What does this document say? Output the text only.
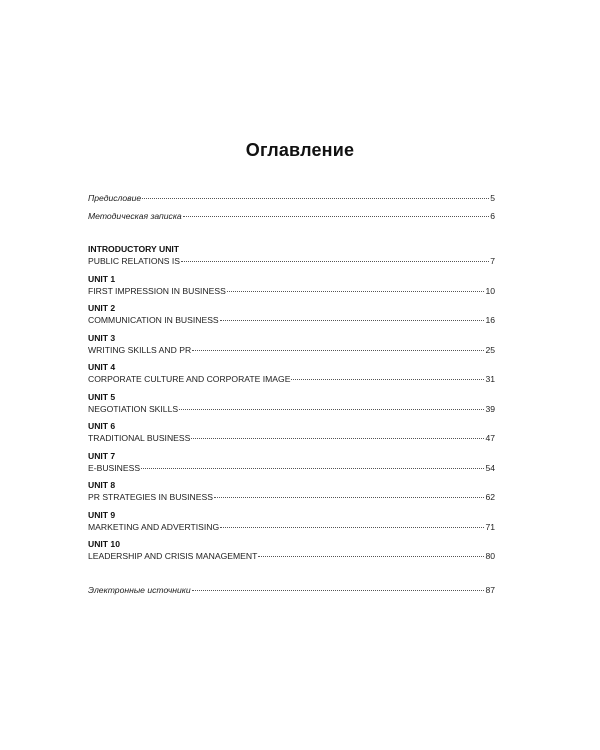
Оглавление
Предисловие	5
Методическая записка	6
INTRODUCTORY UNIT
PUBLIC RELATIONS IS	7
UNIT 1
FIRST IMPRESSION IN BUSINESS	10
UNIT 2
COMMUNICATION IN BUSINESS	16
UNIT 3
WRITING SKILLS AND PR	25
UNIT 4
CORPORATE CULTURE AND CORPORATE IMAGE	31
UNIT 5
NEGOTIATION SKILLS	39
UNIT 6
TRADITIONAL BUSINESS	47
UNIT 7
E-BUSINESS	54
UNIT 8
PR STRATEGIES IN BUSINESS	62
UNIT 9
MARKETING AND ADVERTISING	71
UNIT 10
LEADERSHIP AND CRISIS MANAGEMENT	80
Электронные источники	87
